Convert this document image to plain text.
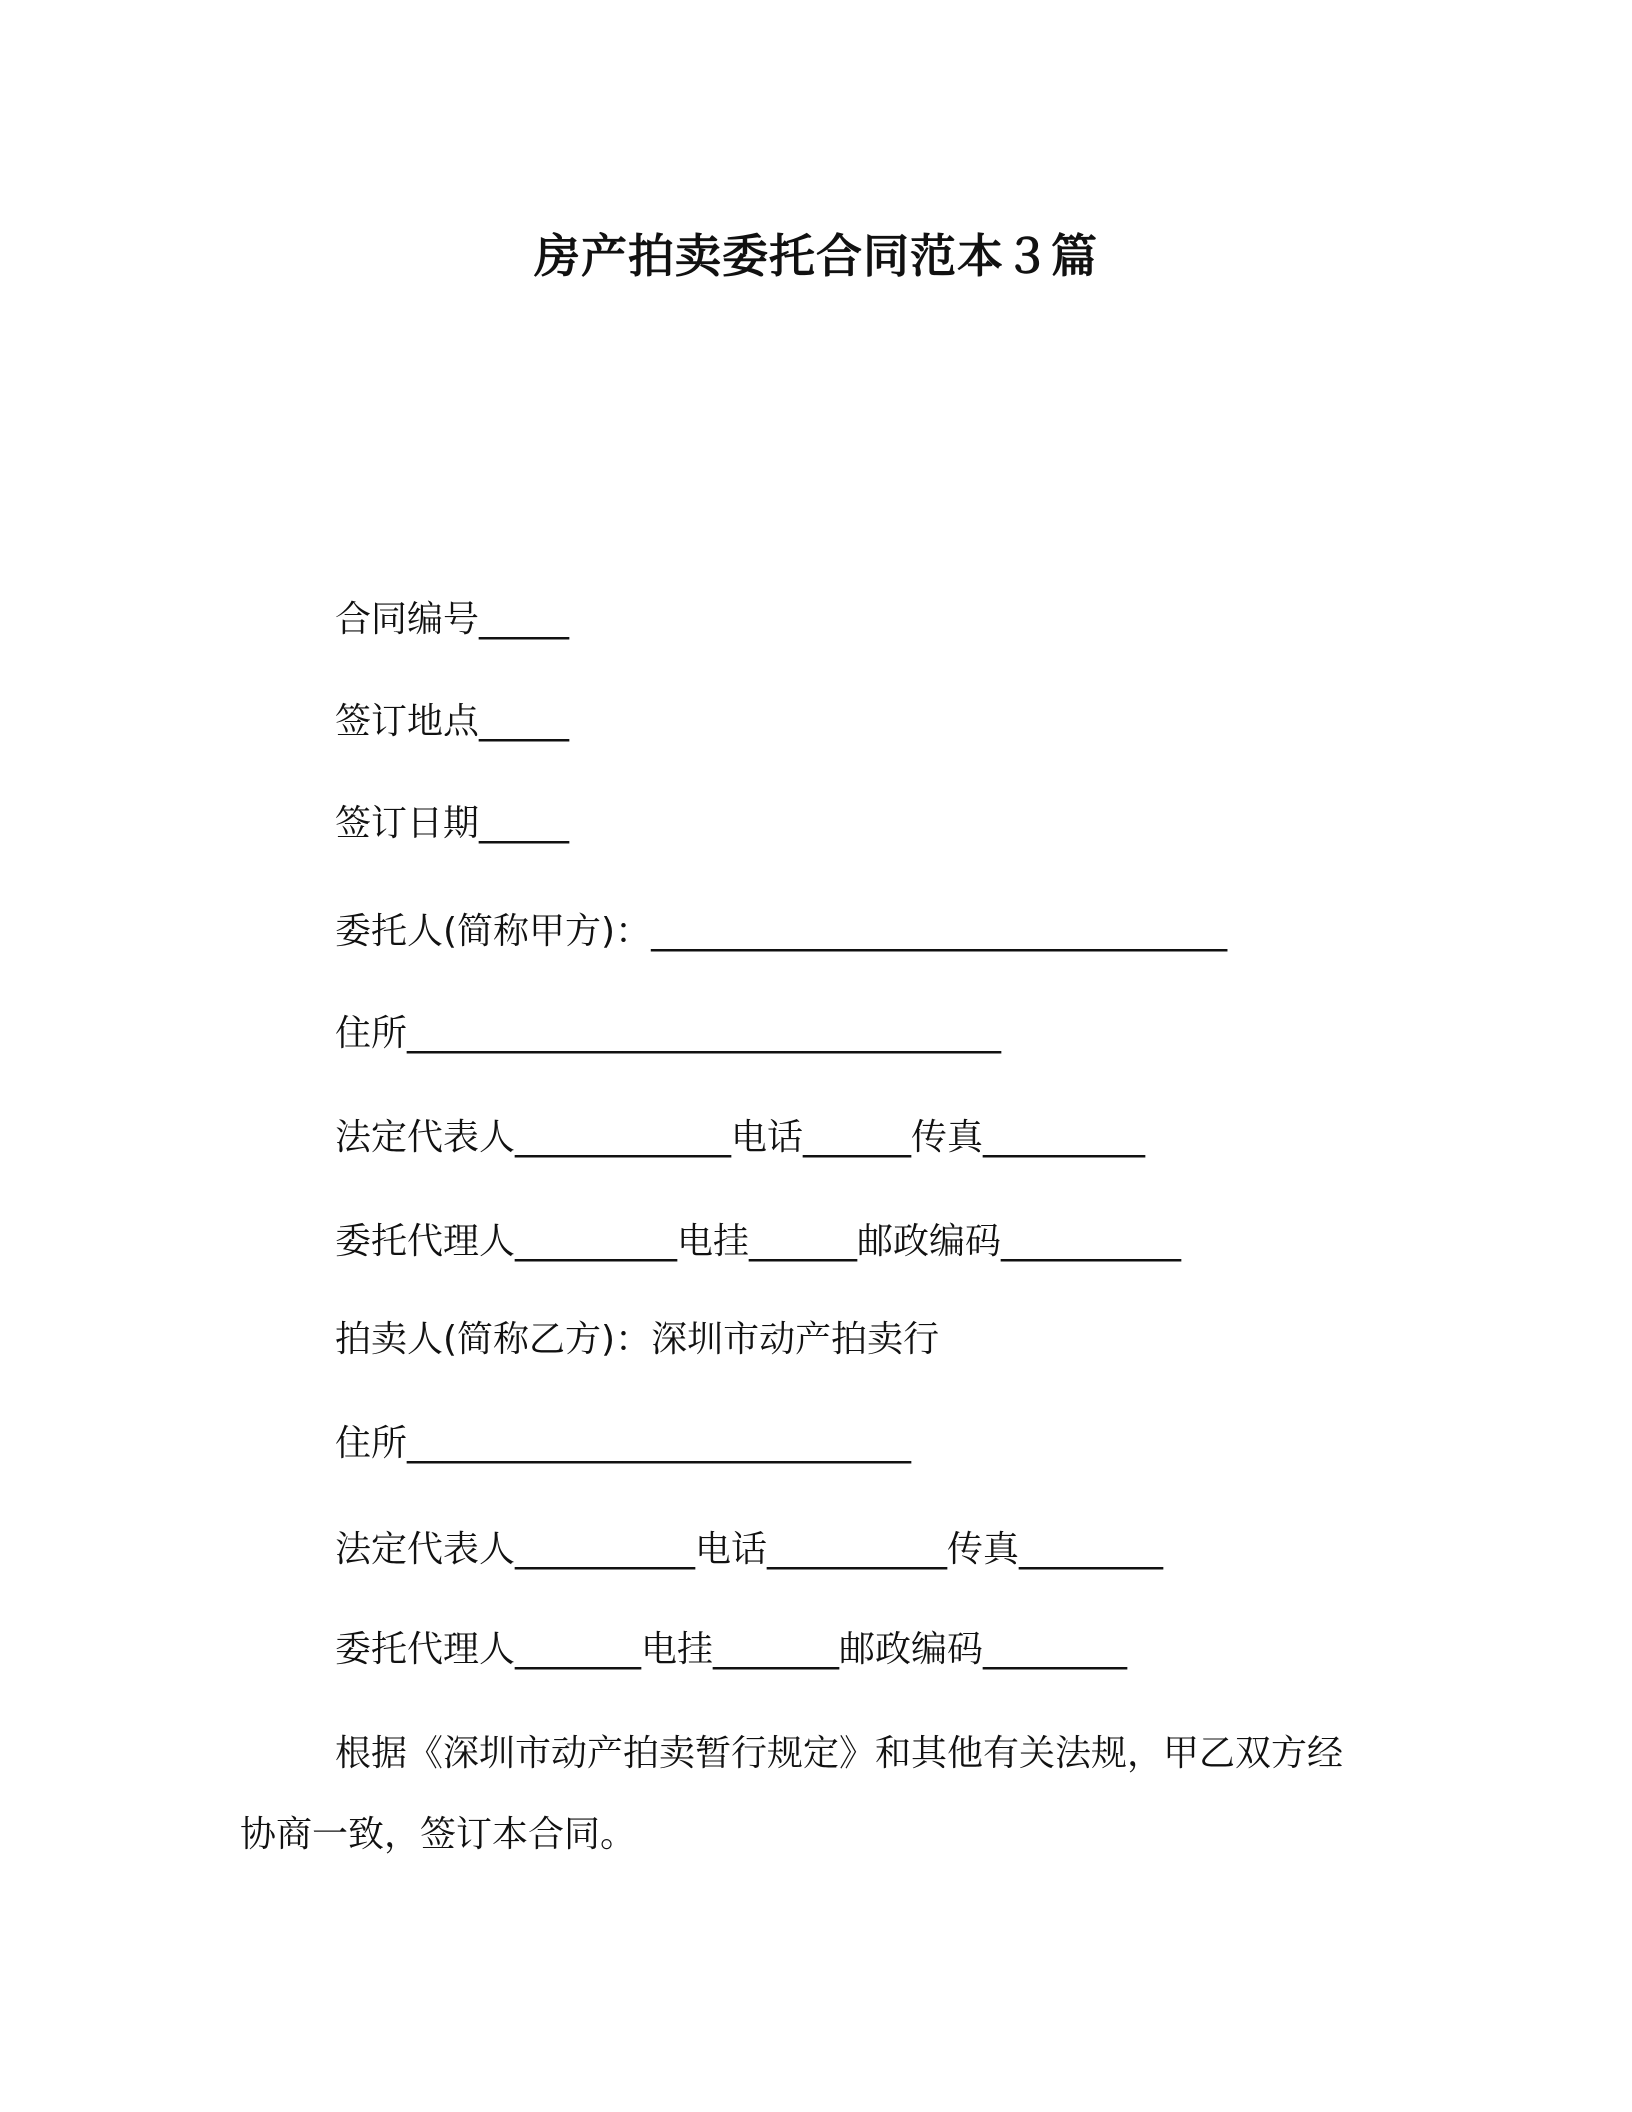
房产拍卖委托合同范本３篇
合同编号_____
签订地点_____
签订日期_____
委托人(简称甲方)：________________________________
住所_________________________________
法定代表人____________电话______传真_________
委托代理人_________电挂______邮政编码__________
拍卖人(简称乙方)：深圳市动产拍卖行
住所____________________________
法定代表人__________电话__________传真________
委托代理人_______电挂_______邮政编码________
根据《深圳市动产拍卖暂行规定》和其他有关法规，甲乙双方经
协商一致，签订本合同。
